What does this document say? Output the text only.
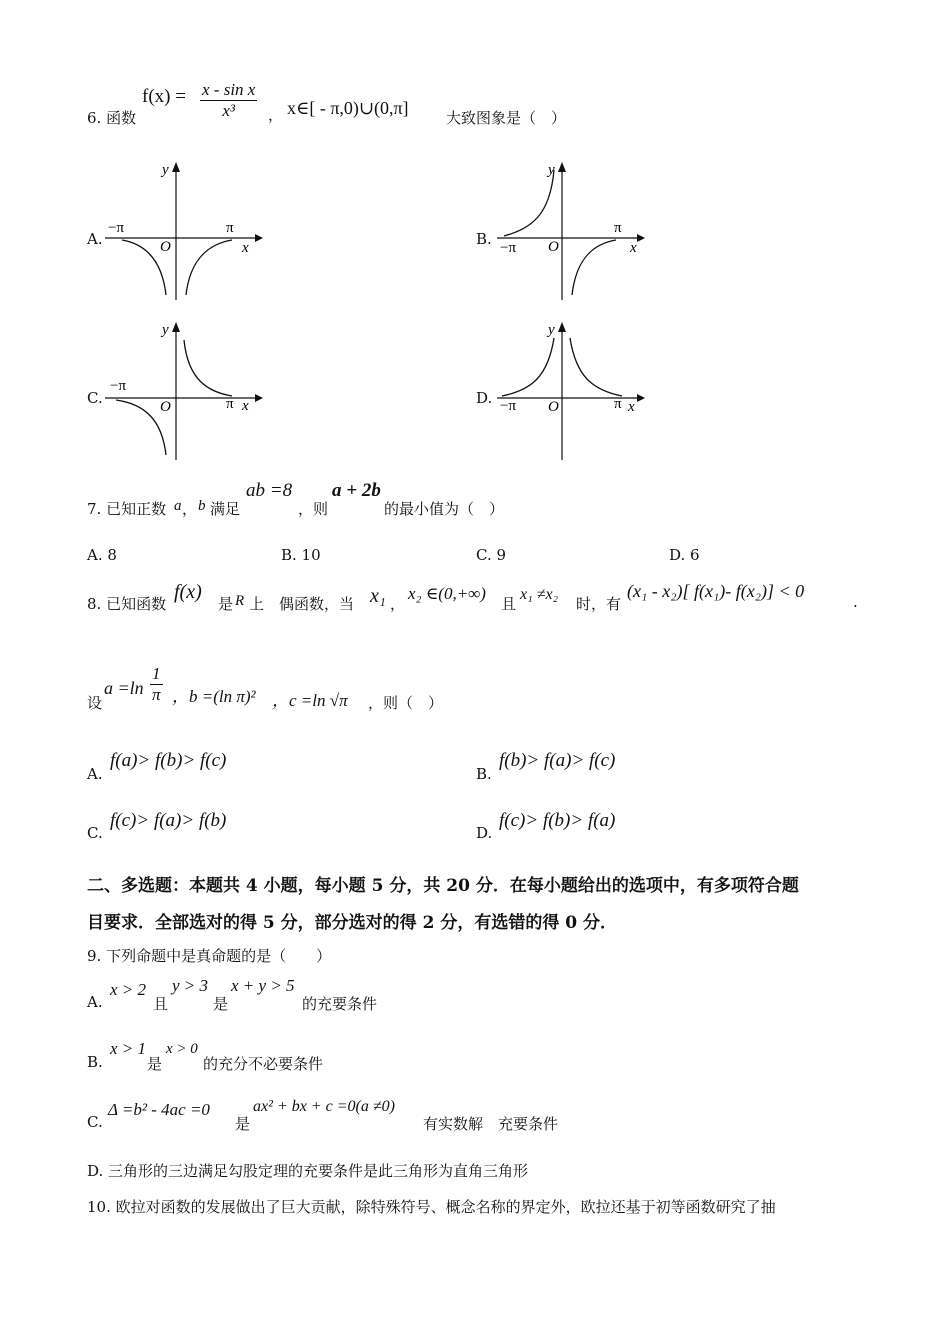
6. 函数
$f(x) = \frac{\text{x - sin x}}{\text{x³}}$ ， x∈[ - π,0)∪(0,π] 大致图象是（　）
A.
−π	π
O	x
y
B. −π
π
O	x
y
C.
−π
π
O	x
y
D. −π	π
O	x
y
7. 已知正数 a ， b 满足
ab =8
，则
a + 2b
的最小值为（　）
A. 8	B. 10	C. 9	D. 6
8. 已知函数
f(x)
是 R 上　偶函数，当 x₁ ，
x₂ ∈(0,+∞)
且
x₁ ≠x₂
时，有
(x₁ - x₂)[ f(x₁)- f(x₂)] < 0
.
设
$a =\ln \frac{1}{\pi}$ ，b =(ln π)² ，c =ln √π ，则（　）
A.
f(a)> f(b)> f(c)
B.
f(b)> f(a)> f(c)
C.
f(c)> f(a)> f(b)
D.
f(c)> f(b)> f(a)
二、多选题：本题共 4 小题，每小题 5 分，共 20 分．在每小题给出的选项中，有多项符合题
目要求．全部选对的得 5 分，部分选对的得 2 分，有选错的得 0 分．
9. 下列命题中是真命题的是（　　）
A.
x > 2
且
y > 3
是
x + y > 5
的充要条件
B.
x > 1
是
x > 0
的充分不必要条件
C.
Δ =b² - 4ac =0
是
ax² + bx + c =0(a ≠0)
有实数解　充要条件
D. 三角形的三边满足勾股定理的充要条件是此三角形为直角三角形
10. 欧拉对函数的发展做出了巨大贡献，除特殊符号、概念名称的界定外，欧拉还基于初等函数研究了抽
